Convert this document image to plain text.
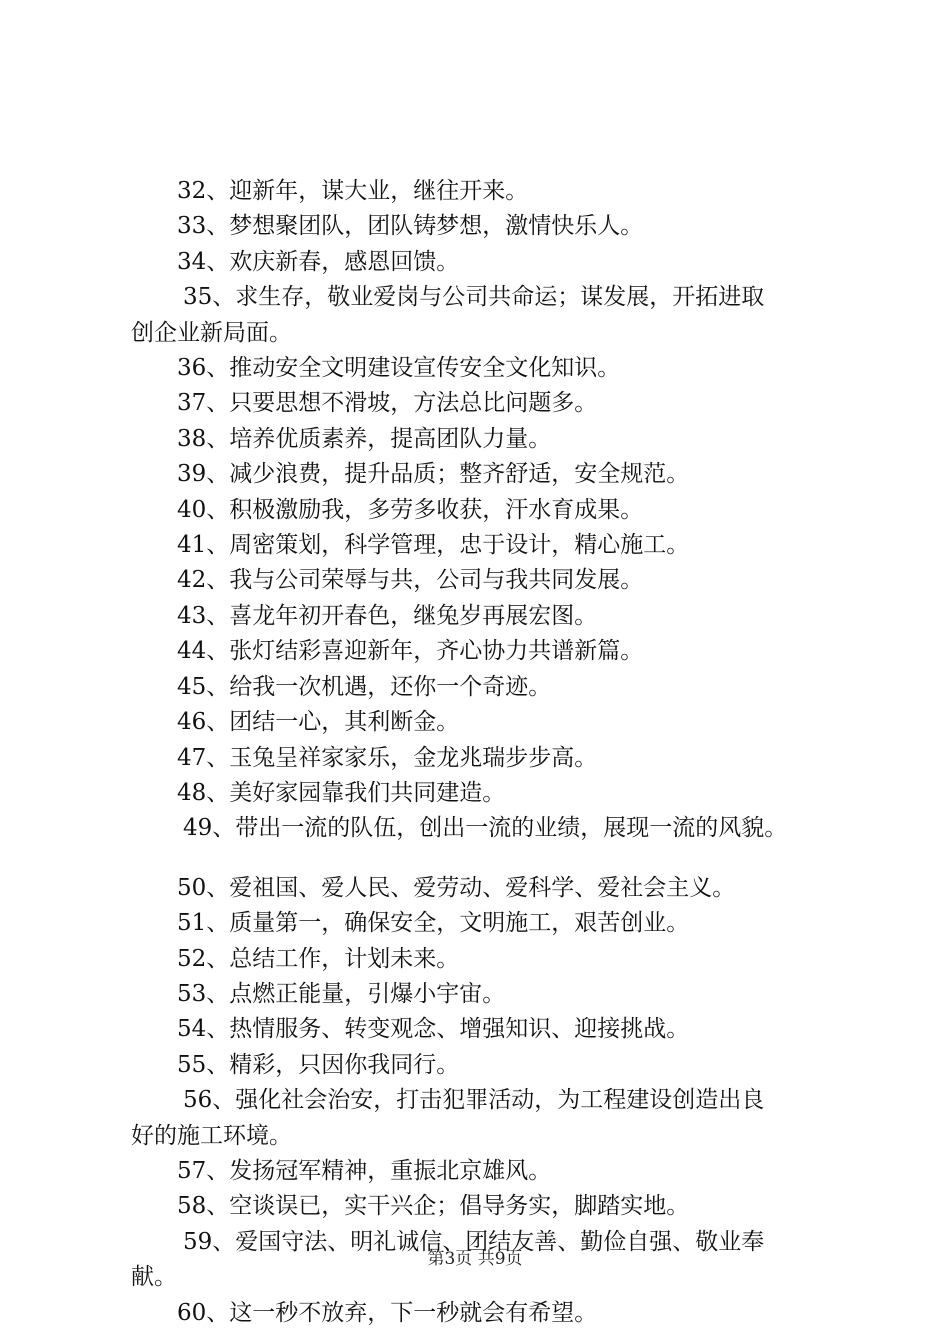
32、迎新年，谋大业，继往开来。
33、梦想聚团队，团队铸梦想，激情快乐人。
34、欢庆新春，感恩回馈。
35、求生存，敬业爱岗与公司共命运；谋发展，开拓进取
创企业新局面。
36、推动安全文明建设宣传安全文化知识。
37、只要思想不滑坡，方法总比问题多。
38、培养优质素养，提高团队力量。
39、减少浪费，提升品质；整齐舒适，安全规范。
40、积极激励我，多劳多收获，汗水育成果。
41、周密策划，科学管理，忠于设计，精心施工。
42、我与公司荣辱与共，公司与我共同发展。
43、喜龙年初开春色，继兔岁再展宏图。
44、张灯结彩喜迎新年，齐心协力共谱新篇。
45、给我一次机遇，还你一个奇迹。
46、团结一心，其利断金。
47、玉兔呈祥家家乐，金龙兆瑞步步高。
48、美好家园靠我们共同建造。
49、带出一流的队伍，创出一流的业绩，展现一流的风貌。
50、爱祖国、爱人民、爱劳动、爱科学、爱社会主义。
51、质量第一，确保安全，文明施工，艰苦创业。
52、总结工作，计划未来。
53、点燃正能量，引爆小宇宙。
54、热情服务、转变观念、增强知识、迎接挑战。
55、精彩，只因你我同行。
56、强化社会治安，打击犯罪活动，为工程建设创造出良
好的施工环境。
57、发扬冠军精神，重振北京雄风。
58、空谈误已，实干兴企；倡导务实，脚踏实地。
59、爱国守法、明礼诚信、团结友善、勤俭自强、敬业奉
献。
60、这一秒不放弃，下一秒就会有希望。
第3页 共9页
